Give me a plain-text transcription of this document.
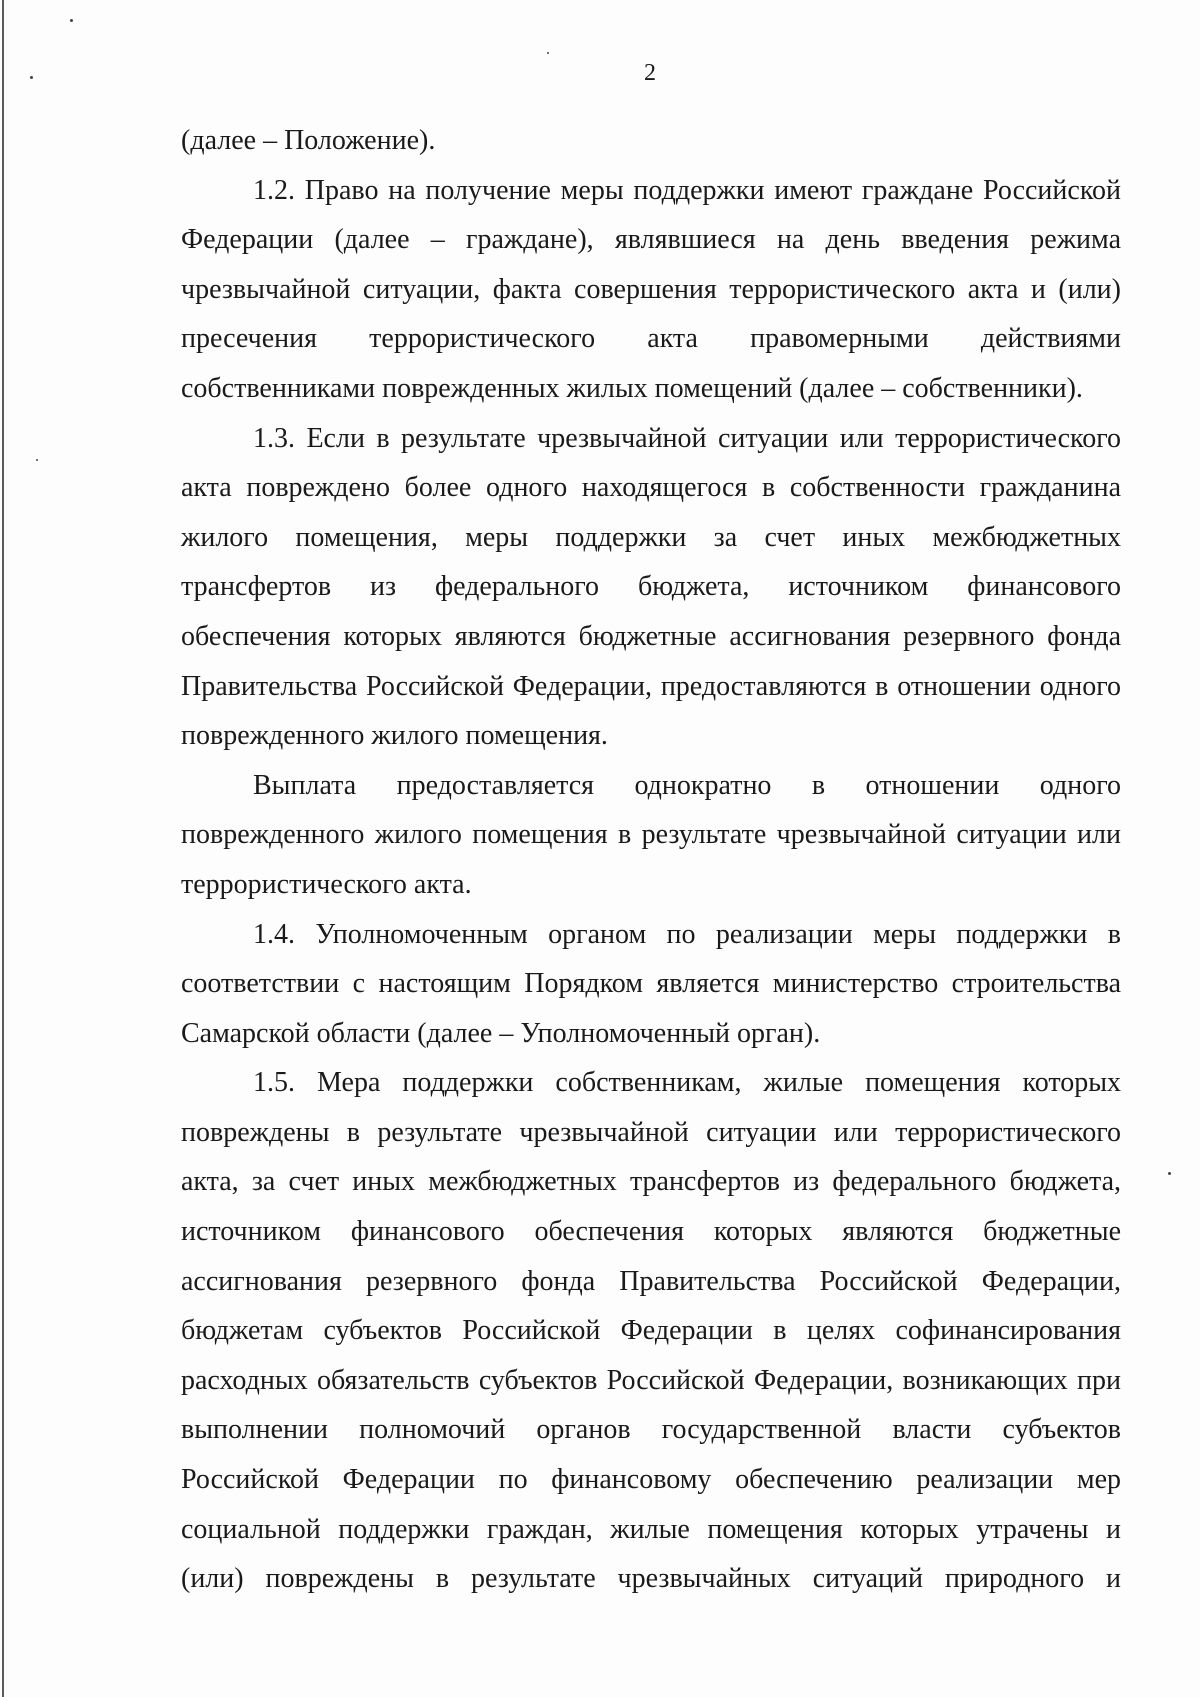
2
(далее – Положение).
1.2. Право на получение меры поддержки имеют граждане Российской
Федерации (далее – граждане), являвшиеся на день введения режима
чрезвычайной ситуации, факта совершения террористического акта и (или)
пресечения террористического акта правомерными действиями
собственниками поврежденных жилых помещений (далее – собственники).
1.3. Если в результате чрезвычайной ситуации или террористического
акта повреждено более одного находящегося в собственности гражданина
жилого помещения, меры поддержки за счет иных межбюджетных
трансфертов из федерального бюджета, источником финансового
обеспечения которых являются бюджетные ассигнования резервного фонда
Правительства Российской Федерации, предоставляются в отношении одного
поврежденного жилого помещения.
Выплата предоставляется однократно в отношении одного
поврежденного жилого помещения в результате чрезвычайной ситуации или
террористического акта.
1.4. Уполномоченным органом по реализации меры поддержки в
соответствии с настоящим Порядком является министерство строительства
Самарской области (далее – Уполномоченный орган).
1.5. Мера поддержки собственникам, жилые помещения которых
повреждены в результате чрезвычайной ситуации или террористического
акта, за счет иных межбюджетных трансфертов из федерального бюджета,
источником финансового обеспечения которых являются бюджетные
ассигнования резервного фонда Правительства Российской Федерации,
бюджетам субъектов Российской Федерации в целях софинансирования
расходных обязательств субъектов Российской Федерации, возникающих при
выполнении полномочий органов государственной власти субъектов
Российской Федерации по финансовому обеспечению реализации мер
социальной поддержки граждан, жилые помещения которых утрачены и
(или) повреждены в результате чрезвычайных ситуаций природного и
